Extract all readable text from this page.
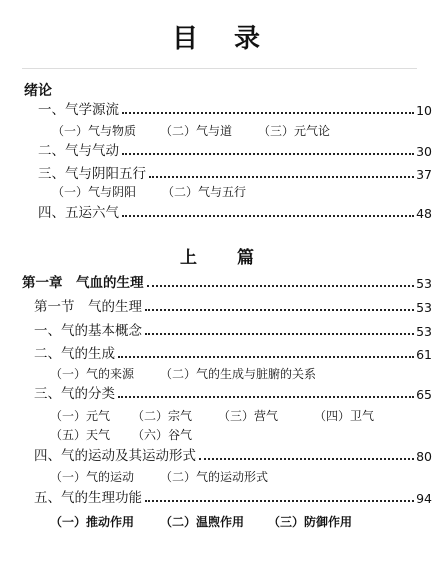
目 录
绪论
一、气学源流	10
（一）气与物质 （二）气与道 （三）元气论
二、气与气动	30
三、气与阴阳五行	37
（一）气与阴阳 （二）气与五行
四、五运六气	48
上 篇
第一章　气血的生理	53
第一节　气的生理	53
一、气的基本概念	53
二、气的生成	61
（一）气的来源 （二）气的生成与脏腑的关系
三、气的分类	65
（一）元气 （二）宗气 （三）营气	（四）卫气
（五）天气 （六）谷气
四、气的运动及其运动形式	80
（一）气的运动 （二）气的运动形式
五、气的生理功能	94
（一）推动作用 （二）温煦作用 （三）防御作用
